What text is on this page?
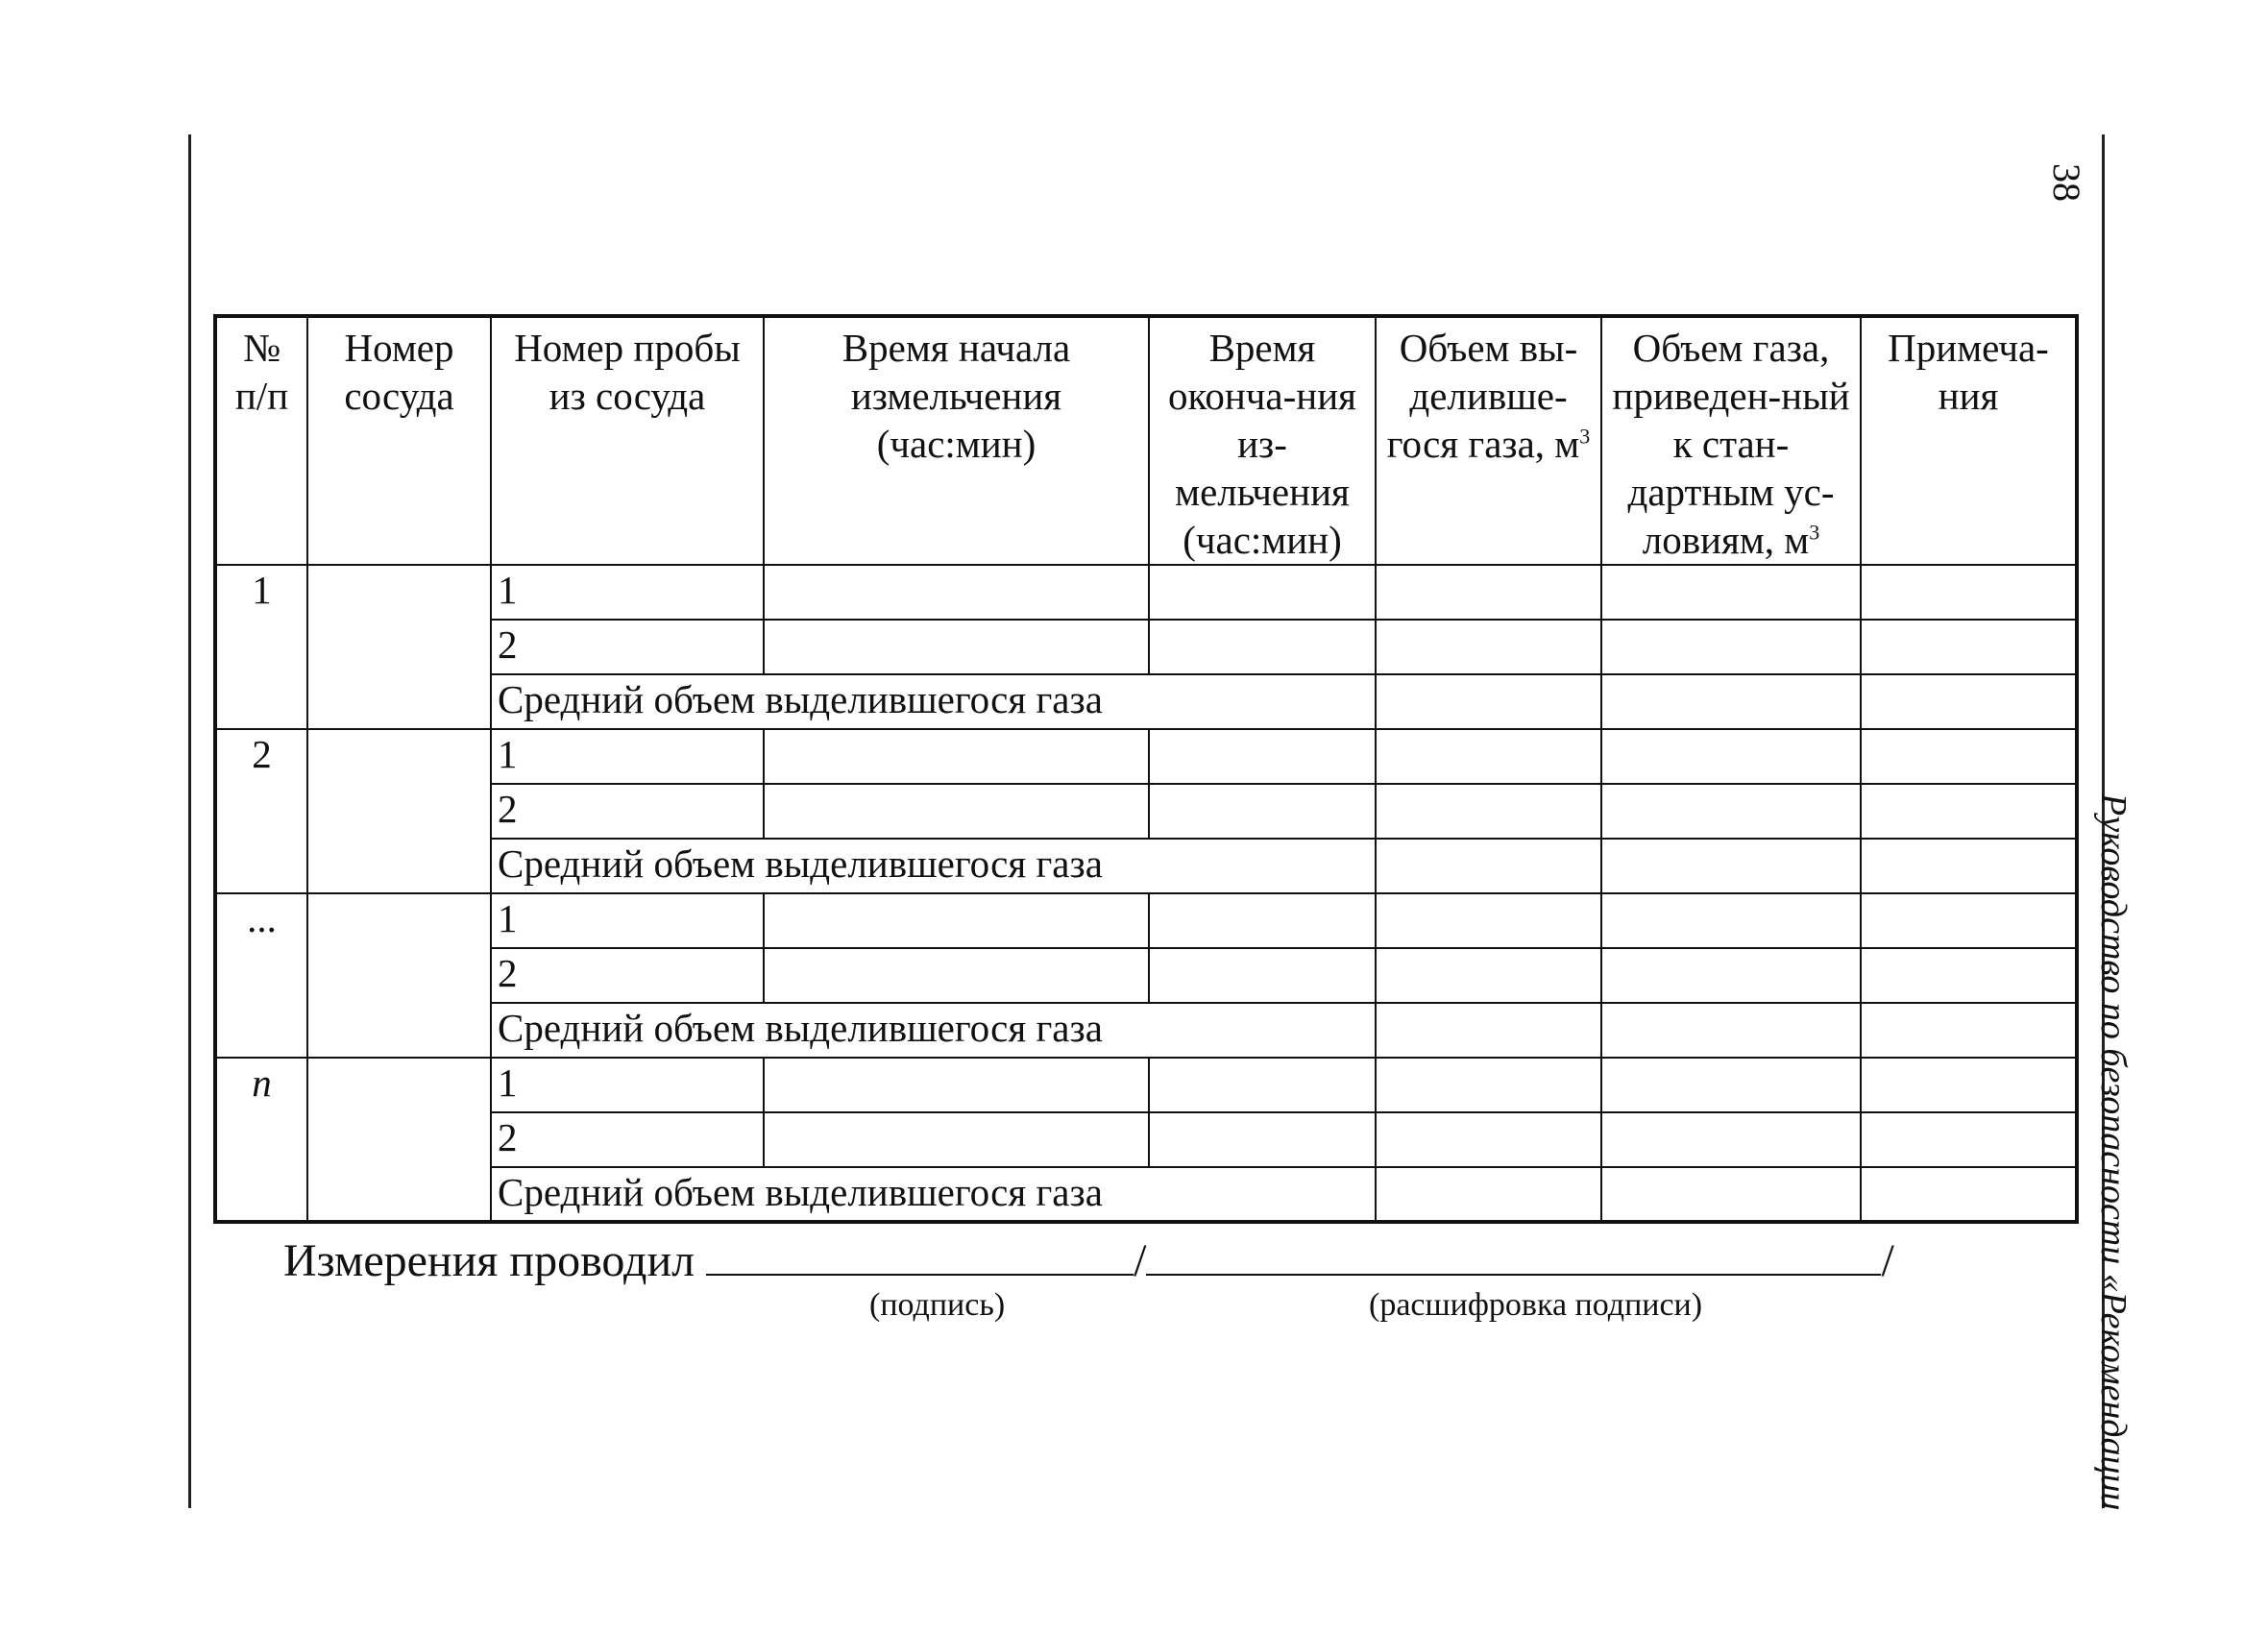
38
Руководство по безопасности «Рекомендации
№ п/п	Номер сосуда	Номер пробы из сосуда	Время начала измельчения (час:мин)	Время оконча-ния из-мельчения (час:мин)	Объем вы-делившe-гося газа, $м^3$	Объем газа, приведен-ный к стан-дартным ус-ловиям, $м^3$	Примеча-ния
1		1					
		2					
		Средний объем выделившегося газа					
2		1					
		2					
		Средний объем выделившегося газа					
...		1					
		2					
		Средний объем выделившегося газа					
n		1					
		2					
		Средний объем выделившегося газа					
Измерения проводил	/	/
(подпись)	(расшифровка подписи)
